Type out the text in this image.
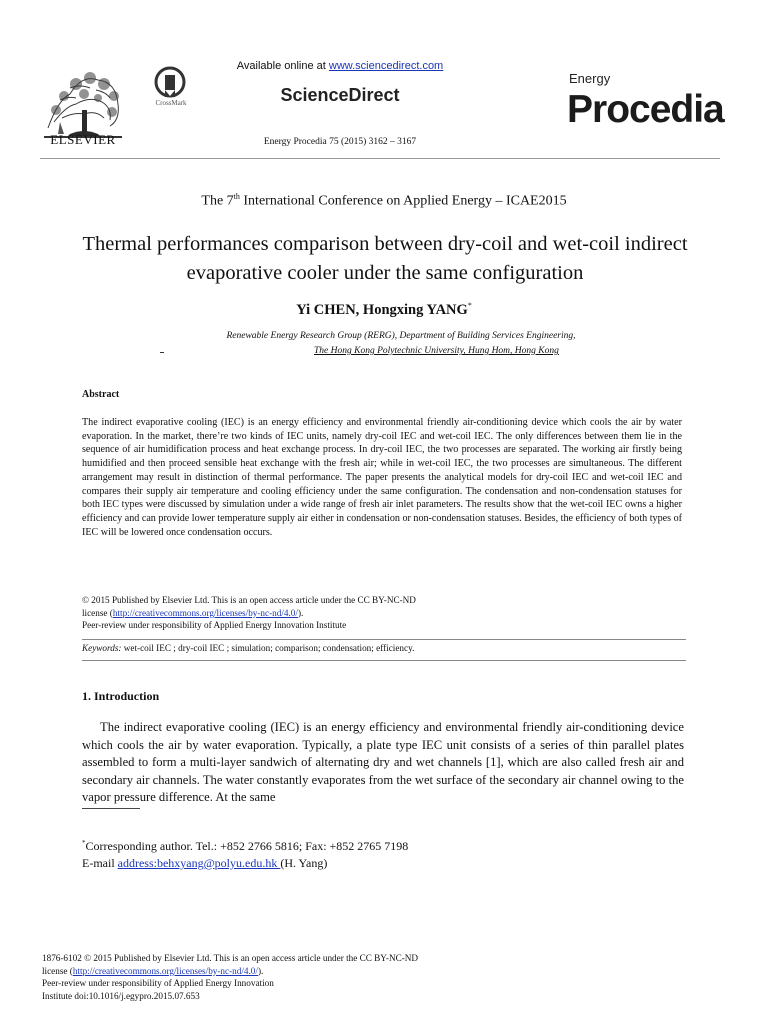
ELSEVIER
CrossMark
Available online at www.sciencedirect.com
ScienceDirect
Energy Procedia 75 (2015) 3162 – 3167
Energy
Procedia
The 7th International Conference on Applied Energy – ICAE2015
Thermal performances comparison between dry-coil and wet-coil indirect evaporative cooler under the same configuration
Yi CHEN, Hongxing YANG*
Renewable Energy Research Group (RERG), Department of Building Services Engineering,
The Hong Kong Polytechnic University, Hung Hom, Hong Kong
Abstract
The indirect evaporative cooling (IEC) is an energy efficiency and environmental friendly air-conditioning device which cools the air by water evaporation. In the market, there’re two kinds of IEC units, namely dry-coil IEC and wet-coil IEC. The only differences between them lie in the sequence of air humidification process and heat exchange process. In dry-coil IEC, the two processes are separated. The working air firstly being humidified and then proceed sensible heat exchange with the fresh air; while in wet-coil IEC, the two processes are simultaneous. The different arrangement may result in distinction of thermal performance. The paper presents the analytical models for dry-coil IEC and wet-coil IEC and compares their supply air temperature and cooling efficiency under the same configuration. The condensation and non-condensation statuses for both IEC types were discussed by simulation under a wide range of fresh air inlet parameters. The results show that the wet-coil IEC owns a higher efficiency and can provide lower temperature supply air either in condensation or non-condensation statuses. Besides, the efficiency of both types of IEC will be lowered once condensation occurs.
© 2015 Published by Elsevier Ltd. This is an open access article under the CC BY-NC-ND
license (http://creativecommons.org/licenses/by-nc-nd/4.0/).
Peer-review under responsibility of Applied Energy Innovation Institute
Keywords: wet-coil IEC ; dry-coil IEC ; simulation; comparison; condensation; efficiency.
1. Introduction
The indirect evaporative cooling (IEC) is an energy efficiency and environmental friendly air-conditioning device which cools the air by water evaporation. Typically, a plate type IEC unit consists of a series of thin parallel plates assembled to form a multi-layer sandwich of alternating dry and wet channels [1], which are also called fresh air and secondary air channels. The water constantly evaporates from the wet surface of the secondary air channel owing to the vapor pressure difference. At the same
*Corresponding author. Tel.: +852 2766 5816; Fax: +852 2765 7198
E-mail address:behxyang@polyu.edu.hk (H. Yang)
1876-6102 © 2015 Published by Elsevier Ltd. This is an open access article under the CC BY-NC-ND
license (http://creativecommons.org/licenses/by-nc-nd/4.0/).
Peer-review under responsibility of Applied Energy Innovation
Institute doi:10.1016/j.egypro.2015.07.653
